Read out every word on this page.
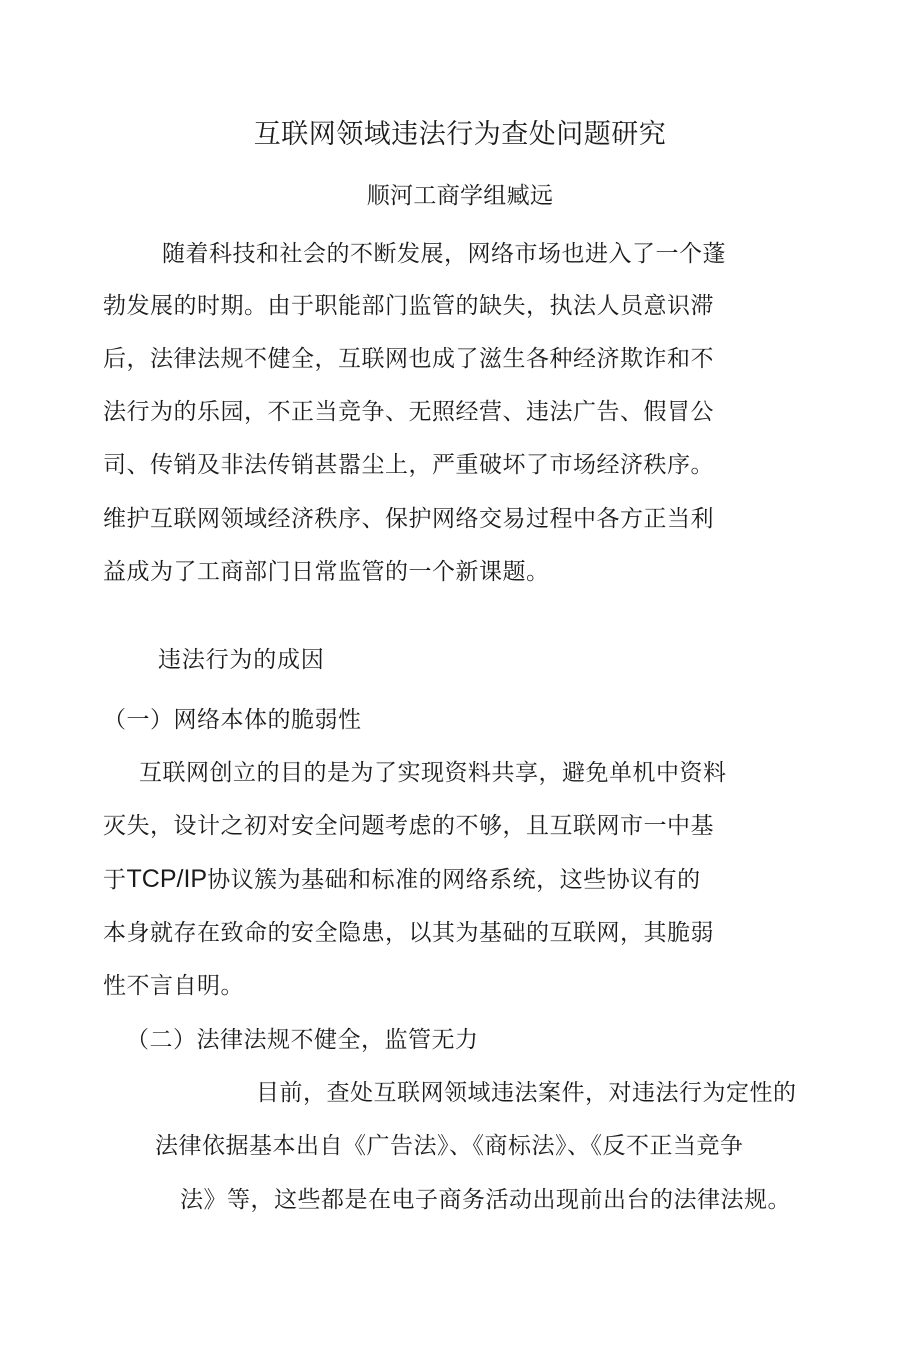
互联网领域违法行为查处问题研究
顺河工商学组臧远
随着科技和社会的不断发展，网络市场也进入了一个蓬
勃发展的时期。由于职能部门监管的缺失，执法人员意识滞
后，法律法规不健全，互联网也成了滋生各种经济欺诈和不
法行为的乐园，不正当竞争、无照经营、违法广告、假冒公
司、传销及非法传销甚嚣尘上，严重破坏了市场经济秩序。
维护互联网领域经济秩序、保护网络交易过程中各方正当利
益成为了工商部门日常监管的一个新课题。
违法行为的成因
（一）网络本体的脆弱性
互联网创立的目的是为了实现资料共享，避免单机中资料
灭失，设计之初对安全问题考虑的不够，且互联网市一中基
于TCP/IP协议簇为基础和标准的网络系统，这些协议有的
本身就存在致命的安全隐患，以其为基础的互联网，其脆弱
性不言自明。
（二）法律法规不健全，监管无力
目前，查处互联网领域违法案件，对违法行为定性的
法律依据基本出自《广告法》、《商标法》、《反不正当竞争
法》等，这些都是在电子商务活动出现前出台的法律法规。
